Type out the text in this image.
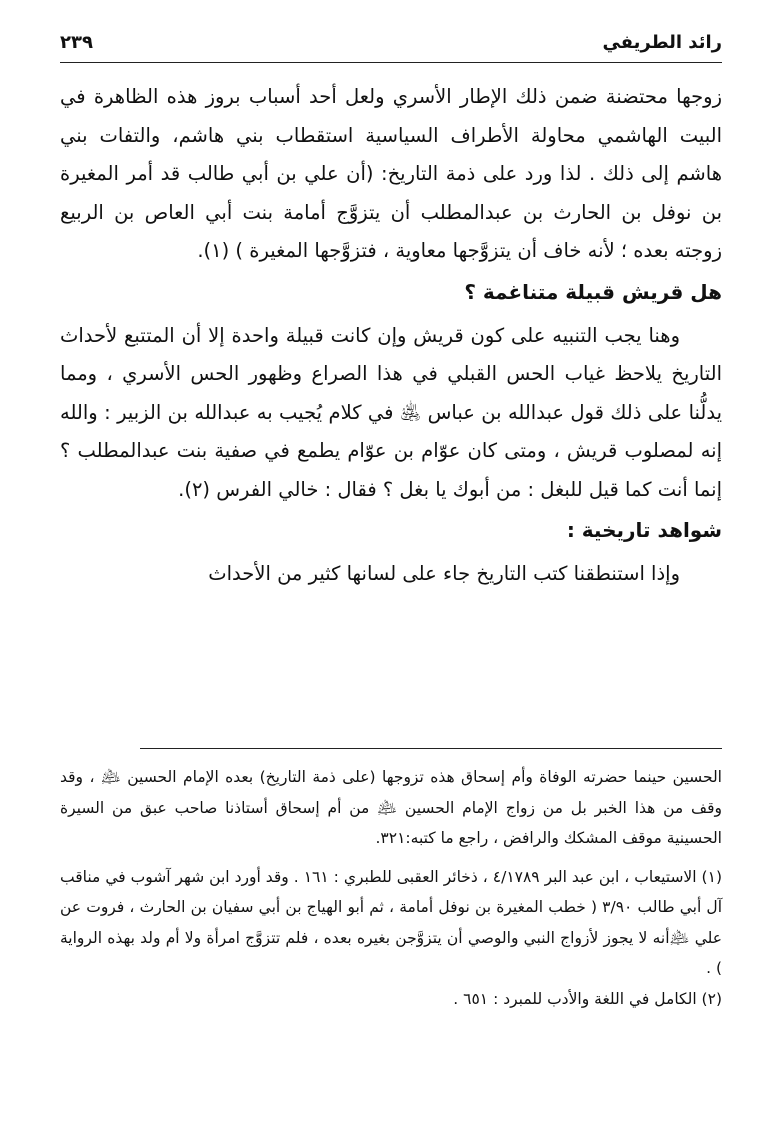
رائد الطريفي
٢٣٩

زوجها محتضنة ضمن ذلك الإطار الأسري ولعل أحد أسباب بروز هذه الظاهرة في البيت الهاشمي محاولة الأطراف السياسية استقطاب بني هاشم، والتفات بني هاشم إلى ذلك . لذا ورد على ذمة التاريخ: (أن علي بن أبي طالب قد أمر المغيرة بن نوفل بن الحارث بن عبدالمطلب أن يتزوَّج أمامة بنت أبي العاص بن الربيع زوجته بعده ؛ لأنه خاف أن يتزوَّجها معاوية ، فتزوَّجها المغيرة ) (١).

هل قريش قبيلة متناغمة ؟

وهنا يجب التنبيه على كون قريش وإن كانت قبيلة واحدة إلا أن المتتبع لأحداث التاريخ يلاحظ غياب الحس القبلي في هذا الصراع وظهور الحس الأسري ، ومما يدلُّنا على ذلك قول عبدالله بن عباس ﵁ في كلام يُجيب به عبدالله بن الزبير : والله إنه لمصلوب قريش ، ومتى كان عوّام بن عوّام يطمع في صفية بنت عبدالمطلب ؟ إنما أنت كما قيل للبغل : من أبوك يا بغل ؟ فقال : خالي الفرس (٢).

شواهد تاريخية :

وإذا استنطقنا كتب التاريخ جاء على لسانها كثير من الأحداث

الحسين حينما حضرته الوفاة وأم إسحاق هذه تزوجها (على ذمة التاريخ) بعده الإمام الحسين ﵇ ، وقد وقف من هذا الخبر بل من زواج الإمام الحسين ﵇ من أم إسحاق أستاذنا صاحب عبق من السيرة الحسينية موقف المشكك والرافض ، راجع ما كتبه:٣٢١.

(١) الاستيعاب ، ابن عبد البر ٤/١٧٨٩ ، ذخائر العقبى للطبري : ١٦١ . وقد أورد ابن شهر آشوب في مناقب آل أبي طالب ٣/٩٠ ( خطب المغيرة بن نوفل أمامة ، ثم أبو الهياج بن أبي سفيان بن الحارث ، فروت عن علي ﵇أنه لا يجوز لأزواج النبي والوصي أن يتزوَّجن بغيره بعده ، فلم تتزوَّج امرأة ولا أم ولد بهذه الرواية ) .

(٢) الكامل في اللغة والأدب للمبرد : ٦٥١ .
